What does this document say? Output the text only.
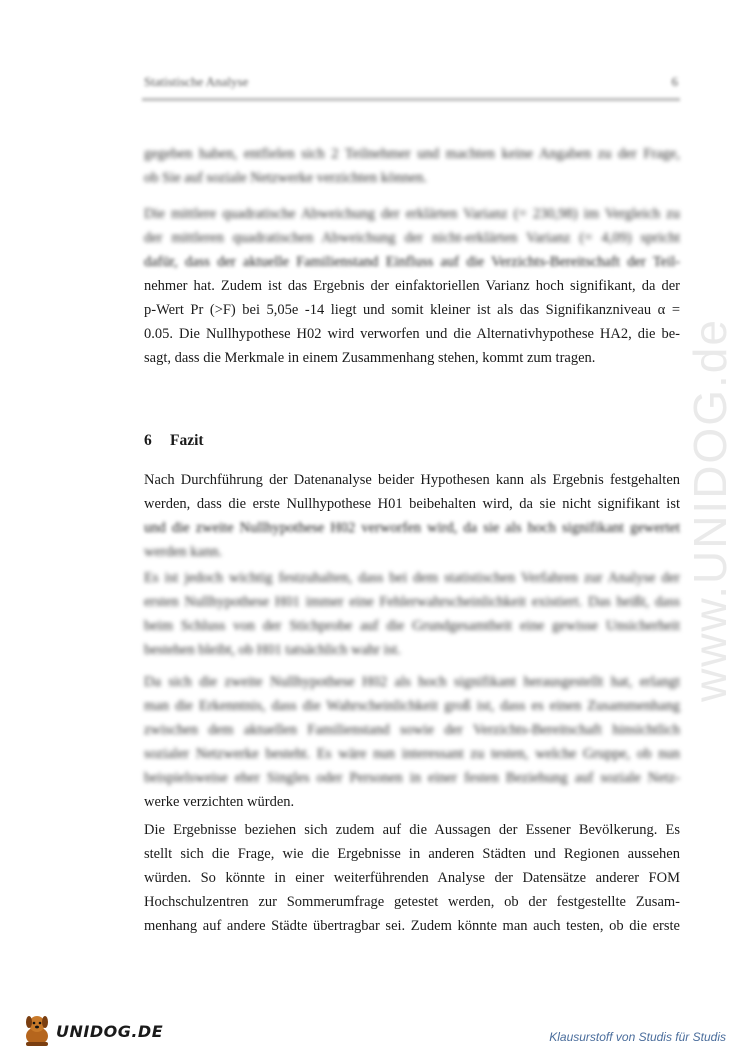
Statistische Analyse	6
gegeben haben, entfielen sich 2 Teilnehmer und machten keine Angaben zu der Frage,
ob Sie auf soziale Netzwerke verzichten können.
Die mittlere quadratische Abweichung der erklärten Varianz (= 230,98) im Vergleich zu
der mittleren quadratischen Abweichung der nicht-erklärten Varianz (= 4,09) spricht
dafür, dass der aktuelle Familienstand Einfluss auf die Verzichts-Bereitschaft der Teil-
nehmer hat. Zudem ist das Ergebnis der einfaktoriellen Varianz hoch signifikant, da der
p-Wert Pr (>F) bei 5,05e -14 liegt und somit kleiner ist als das Signifikanzniveau α =
0.05. Die Nullhypothese H02 wird verworfen und die Alternativhypothese HA2, die be-
sagt, dass die Merkmale in einem Zusammenhang stehen, kommt zum tragen.
6 Fazit
Nach Durchführung der Datenanalyse beider Hypothesen kann als Ergebnis festgehalten
werden, dass die erste Nullhypothese H01 beibehalten wird, da sie nicht signifikant ist
und die zweite Nullhypothese H02 verworfen wird, da sie als hoch signifikant gewertet
werden kann.
Es ist jedoch wichtig festzuhalten, dass bei dem statistischen Verfahren zur Analyse der
ersten Nullhypothese H01 immer eine Fehlerwahrscheinlichkeit existiert. Das heißt, dass
beim Schluss von der Stichprobe auf die Grundgesamtheit eine gewisse Unsicherheit
bestehen bleibt, ob H01 tatsächlich wahr ist.
Da sich die zweite Nullhypothese H02 als hoch signifikant herausgestellt hat, erlangt
man die Erkenntnis, dass die Wahrscheinlichkeit groß ist, dass es einen Zusammenhang
zwischen dem aktuellen Familienstand sowie der Verzichts-Bereitschaft hinsichtlich
sozialer Netzwerke besteht. Es wäre nun interessant zu testen, welche Gruppe, ob nun
beispielsweise eher Singles oder Personen in einer festen Beziehung auf soziale Netz-
werke verzichten würden.
Die Ergebnisse beziehen sich zudem auf die Aussagen der Essener Bevölkerung. Es
stellt sich die Frage, wie die Ergebnisse in anderen Städten und Regionen aussehen
würden. So könnte in einer weiterführenden Analyse der Datensätze anderer FOM
Hochschulzentren zur Sommerumfrage getestet werden, ob der festgestellte Zusam-
menhang auf andere Städte übertragbar sei. Zudem könnte man auch testen, ob die erste
www.UNIDOG.de
UNIDOG.DE	Klausurstoff von Studis für Studis
